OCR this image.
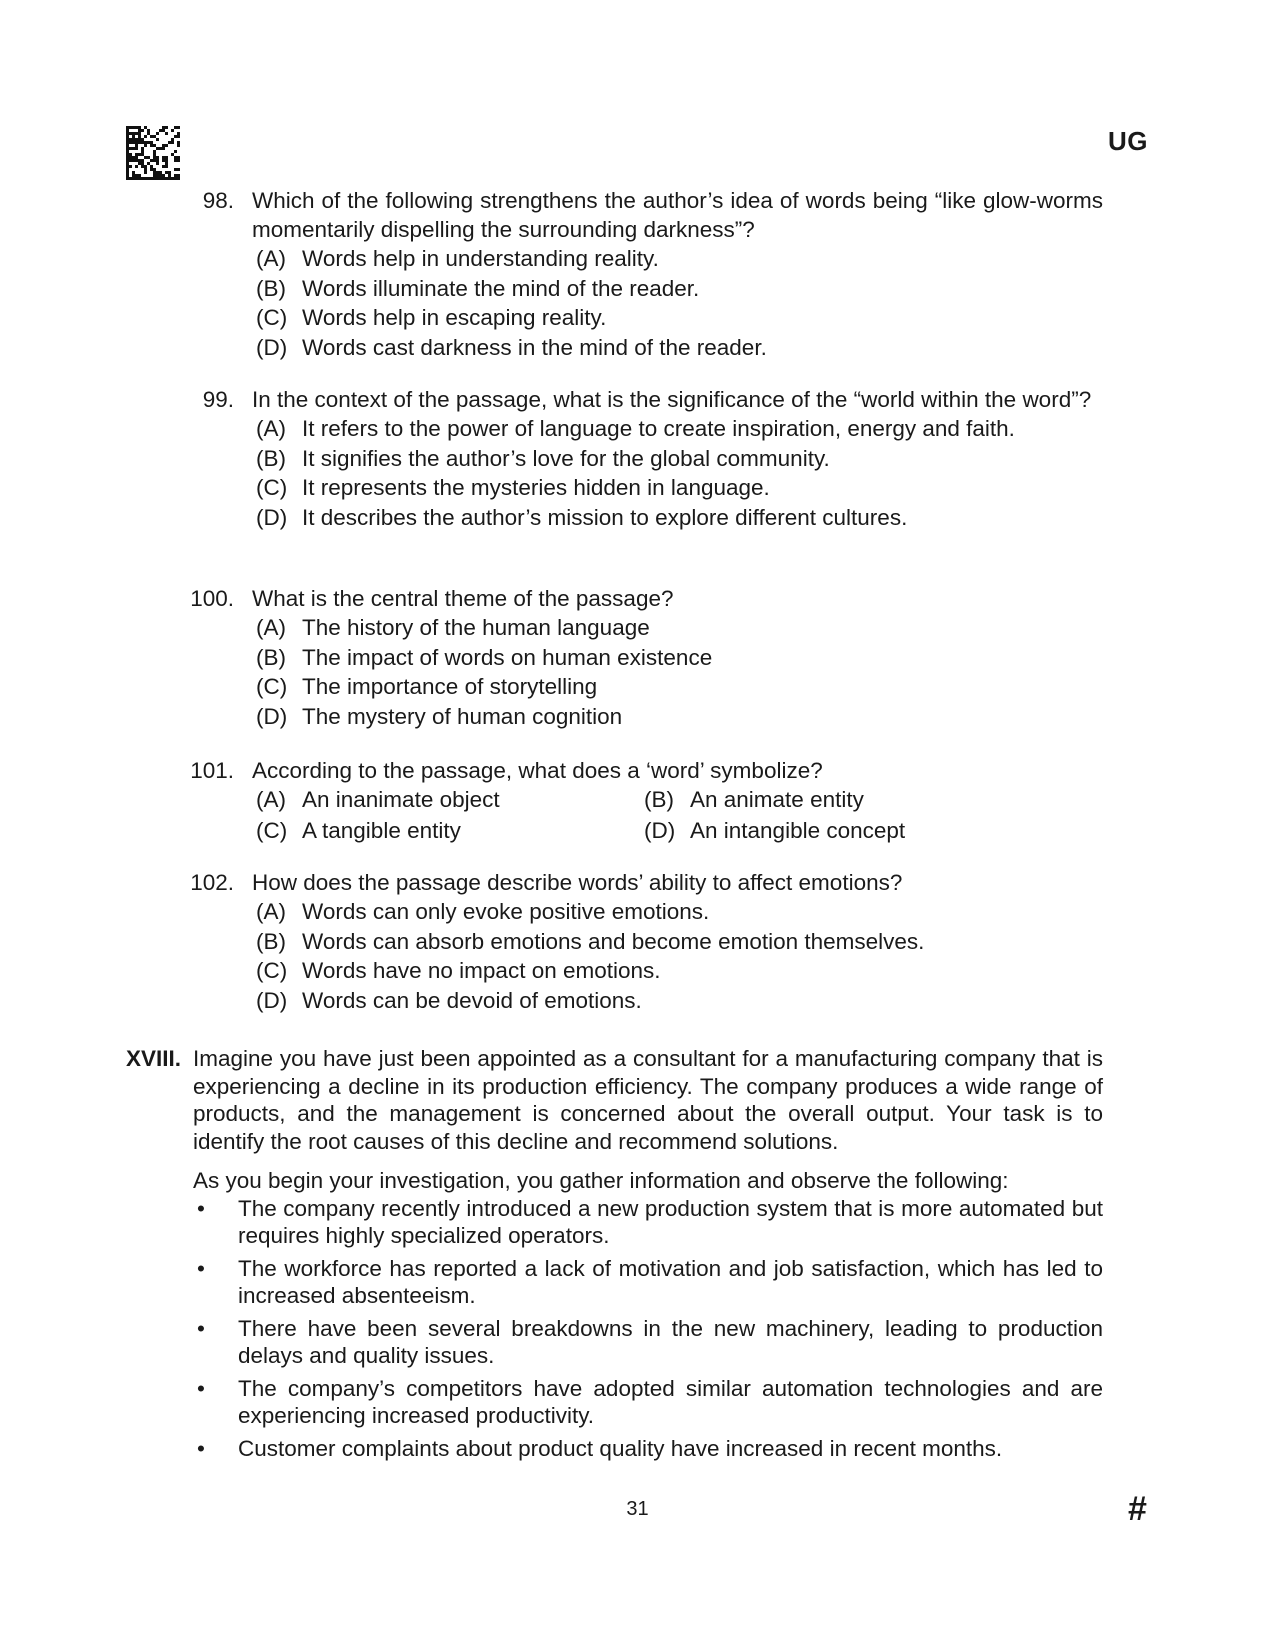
UG
98. Which of the following strengthens the author’s idea of words being “like glow-worms momentarily dispelling the surrounding darkness”?
(A) Words help in understanding reality.
(B) Words illuminate the mind of the reader.
(C) Words help in escaping reality.
(D) Words cast darkness in the mind of the reader.
99. In the context of the passage, what is the significance of the “world within the word”?
(A) It refers to the power of language to create inspiration, energy and faith.
(B) It signifies the author’s love for the global community.
(C) It represents the mysteries hidden in language.
(D) It describes the author’s mission to explore different cultures.
100. What is the central theme of the passage?
(A) The history of the human language
(B) The impact of words on human existence
(C) The importance of storytelling
(D) The mystery of human cognition
101. According to the passage, what does a ‘word’ symbolize?
(A) An inanimate object	(B) An animate entity
(C) A tangible entity	(D) An intangible concept
102. How does the passage describe words’ ability to affect emotions?
(A) Words can only evoke positive emotions.
(B) Words can absorb emotions and become emotion themselves.
(C) Words have no impact on emotions.
(D) Words can be devoid of emotions.
XVIII. Imagine you have just been appointed as a consultant for a manufacturing company that is experiencing a decline in its production efficiency. The company produces a wide range of products, and the management is concerned about the overall output. Your task is to identify the root causes of this decline and recommend solutions.
As you begin your investigation, you gather information and observe the following:
• The company recently introduced a new production system that is more automated but requires highly specialized operators.
• The workforce has reported a lack of motivation and job satisfaction, which has led to increased absenteeism.
• There have been several breakdowns in the new machinery, leading to production delays and quality issues.
• The company’s competitors have adopted similar automation technologies and are experiencing increased productivity.
• Customer complaints about product quality have increased in recent months.
31	#
